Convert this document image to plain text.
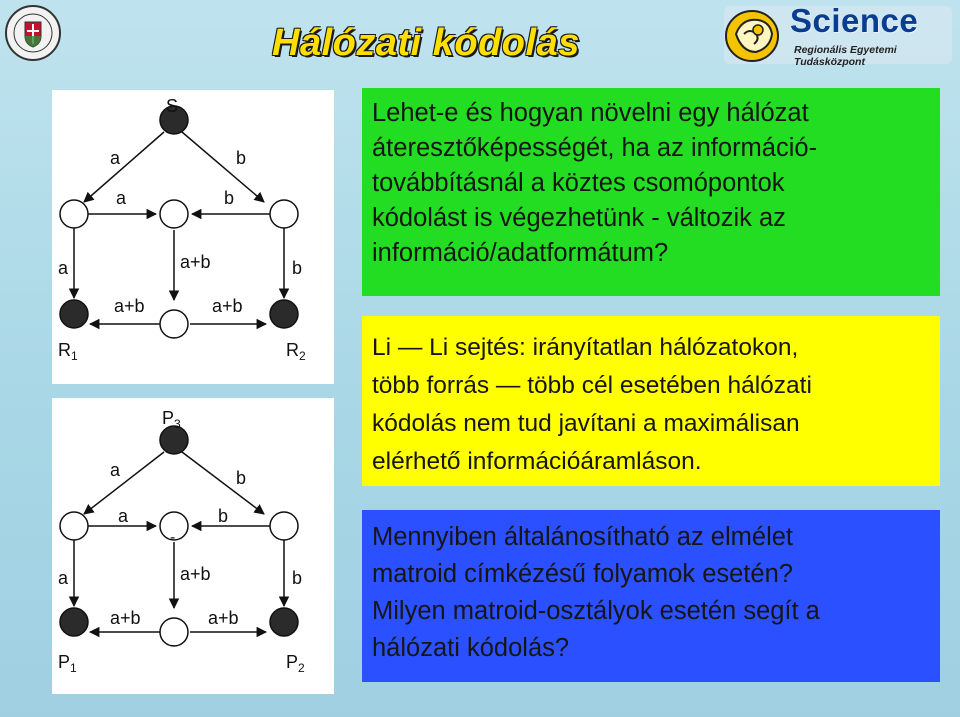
Hálózati kódolás
Science
Regionális Egyetemi Tudásközpont
S
a	b
a	b
-
a	a+b	b
a+b	a+b
-
$R_1$	$R_2$
$P_3$
a	b
a	b
-
a	a+b	b
a+b	a+b
-
$P_1$	$P_2$

Lehet-e és hogyan növelni egy hálózat

áteresztőképességét, ha az információ-

továbbításnál a köztes csomópontok

kódolást is végezhetünk - változik az

információ/adatformátum?

Li — Li sejtés: irányítatlan hálózatokon,

több forrás — több cél esetében hálózati

kódolás nem tud javítani a maximálisan

elérhető információáramláson.

Mennyiben általánosítható az elmélet

matroid címkézésű folyamok esetén?

Milyen matroid-osztályok esetén segít a

hálózati kódolás?
